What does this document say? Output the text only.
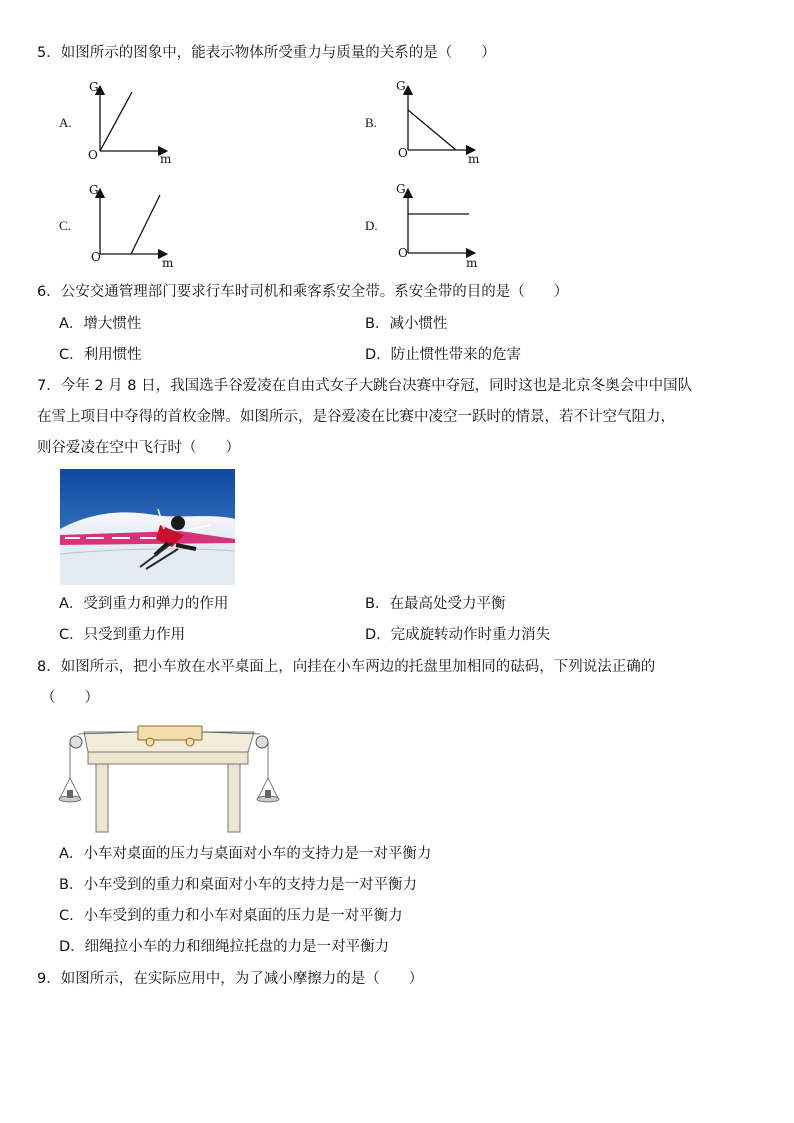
5．如图所示的图象中，能表示物体所受重力与质量的关系的是（　　）
A.
G
O	m
B.
G
O	m
C.
G
O	m
D.
G
O
m
6．公安交通管理部门要求行车时司机和乘客系安全带。系安全带的目的是（　　）
A．增大惯性	B．减小惯性
C．利用惯性	D．防止惯性带来的危害
7．今年 2 月 8 日，我国选手谷爱凌在自由式女子大跳台决赛中夺冠，同时这也是北京冬奥会中中国队
在雪上项目中夺得的首枚金牌。如图所示，是谷爱凌在比赛中凌空一跃时的情景，若不计空气阻力，
则谷爱凌在空中飞行时（　　）
A．受到重力和弹力的作用	B．在最高处受力平衡
C．只受到重力作用	D．完成旋转动作时重力消失
8．如图所示，把小车放在水平桌面上，向挂在小车两边的托盘里加相同的砝码，下列说法正确的
（　　）
A．小车对桌面的压力与桌面对小车的支持力是一对平衡力
B．小车受到的重力和桌面对小车的支持力是一对平衡力
C．小车受到的重力和小车对桌面的压力是一对平衡力
D．细绳拉小车的力和细绳拉托盘的力是一对平衡力
9．如图所示，在实际应用中，为了减小摩擦力的是（　　）
